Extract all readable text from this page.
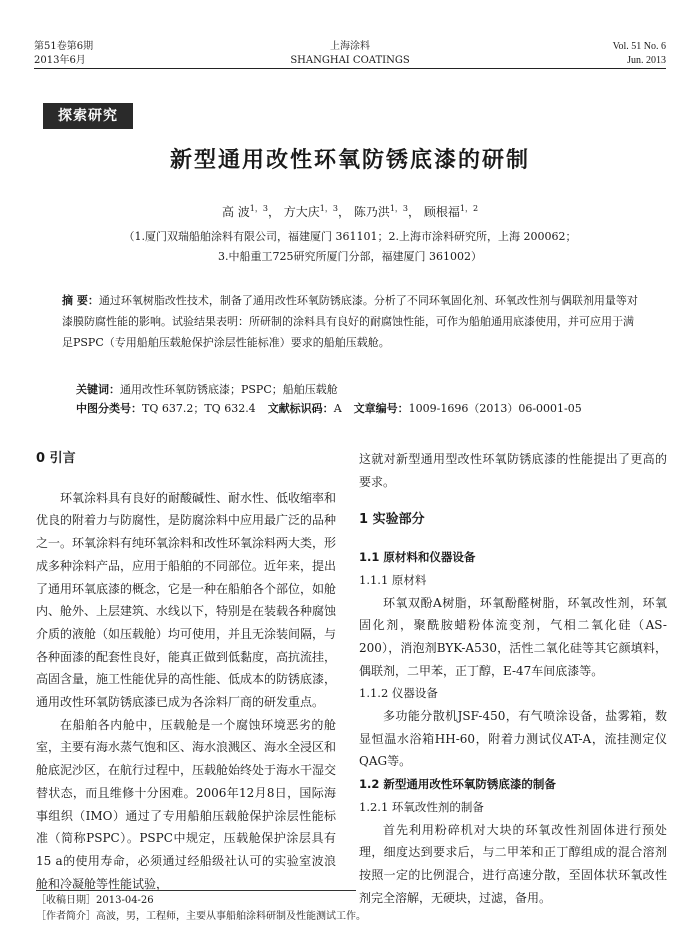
第51卷第6期
2013年6月
上海涂料
SHANGHAI COATINGS
Vol. 51 No. 6
Jun. 2013
探索研究
新型通用改性环氧防锈底漆的研制
高 波$^{1,3}$， 方大庆$^{1,3}$， 陈乃洪$^{1,3}$， 顾根福$^{1,2}$
（1.厦门双瑞船舶涂料有限公司，福建厦门 361101；2.上海市涂料研究所，上海 200062；
3.中船重工725研究所厦门分部，福建厦门 361002）
摘 要：通过环氧树脂改性技术，制备了通用改性环氧防锈底漆。分析了不同环氧固化剂、环氧改性剂与偶联剂用量等对漆膜防腐性能的影响。试验结果表明：所研制的涂料具有良好的耐腐蚀性能，可作为船舶通用底漆使用，并可应用于满足PSPC（专用船舶压载舱保护涂层性能标准）要求的船舶压载舱。
关键词：通用改性环氧防锈底漆；PSPC；船舶压载舱
中图分类号：TQ 637.2；TQ 632.4 文献标识码：A 文章编号：1009-1696（2013）06-0001-05

0 引言

环氧涂料具有良好的耐酸碱性、耐水性、低收缩率和优良的附着力与防腐性，是防腐涂料中应用最广泛的品种之一。环氧涂料有纯环氧涂料和改性环氧涂料两大类，形成多种涂料产品，应用于船舶的不同部位。近年来，提出了通用环氧底漆的概念，它是一种在船舶各个部位，如舱内、舱外、上层建筑、水线以下，特别是在装载各种腐蚀介质的液舱（如压载舱）均可使用，并且无涂装间隔，与各种面漆的配套性良好，能真正做到低黏度，高抗流挂，高固含量，施工性能优异的高性能、低成本的防锈底漆，通用改性环氧防锈底漆已成为各涂料厂商的研发重点。

在船舶各内舱中，压载舱是一个腐蚀环境恶劣的舱室，主要有海水蒸气饱和区、海水浪溅区、海水全浸区和舱底泥沙区，在航行过程中，压载舱始终处于海水干湿交替状态，而且维修十分困难。2006年12月8日，国际海事组织（IMO）通过了专用船舶压载舱保护涂层性能标准（简称PSPC）。PSPC中规定，压载舱保护涂层具有15 a的使用寿命，必须通过经船级社认可的实验室波浪舱和冷凝舱等性能试验，

这就对新型通用型改性环氧防锈底漆的性能提出了更高的要求。

1 实验部分

1.1 原材料和仪器设备

1.1.1 原材料

环氧双酚A树脂，环氧酚醛树脂，环氧改性剂，环氧固化剂，聚酰胺蜡粉体流变剂，气相二氧化硅（AS-200），消泡剂BYK-A530，活性二氧化硅等其它颜填料，偶联剂，二甲苯，正丁醇，E-47车间底漆等。

1.1.2 仪器设备

多功能分散机JSF-450，有气喷涂设备，盐雾箱，数显恒温水浴箱HH-60，附着力测试仪AT-A，流挂测定仪QAG等。

1.2 新型通用改性环氧防锈底漆的制备

1.2.1 环氧改性剂的制备

首先利用粉碎机对大块的环氧改性剂固体进行预处理，细度达到要求后，与二甲苯和正丁醇组成的混合溶剂按照一定的比例混合，进行高速分散，至固体状环氧改性剂完全溶解，无硬块，过滤，备用。

［收稿日期］2013-04-26
［作者简介］高波，男，工程师，主要从事船舶涂料研制及性能测试工作。
